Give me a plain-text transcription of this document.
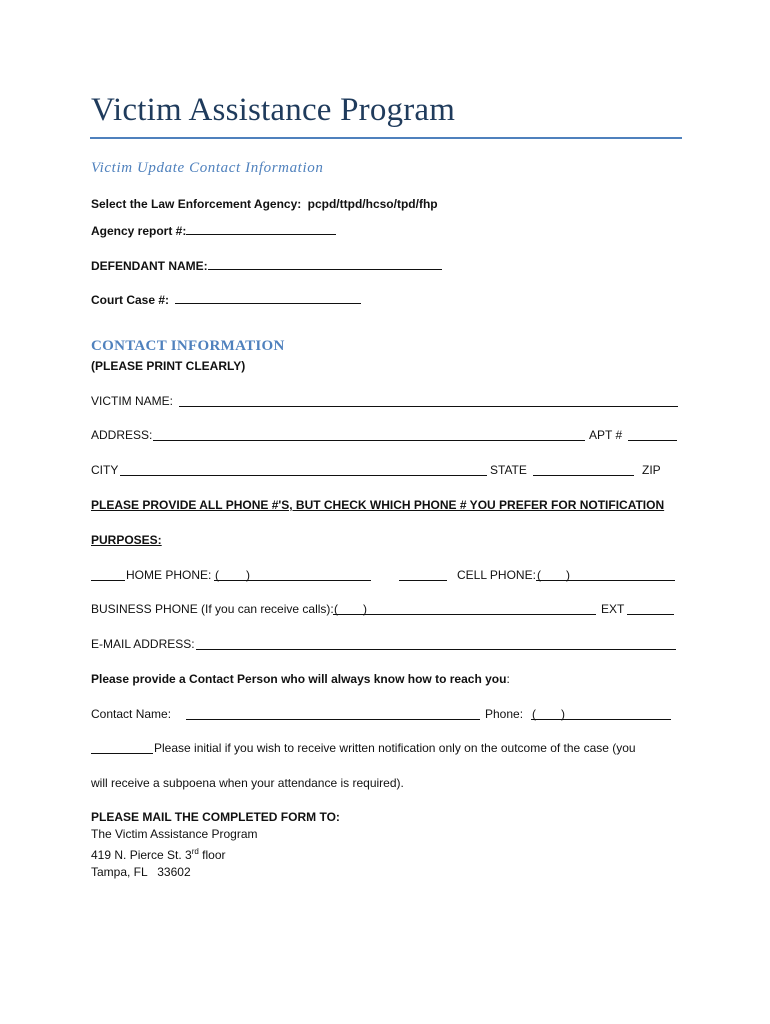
Victim Assistance Program
Victim Update Contact Information
Select the Law Enforcement Agency: pcpd/ttpd/hcso/tpd/fhp
Agency report #:
DEFENDANT NAME:
Court Case #:
CONTACT INFORMATION
(PLEASE PRINT CLEARLY)
VICTIM NAME:
ADDRESS:	APT #
CITY	STATE	ZIP
PLEASE PROVIDE ALL PHONE #'S, BUT CHECK WHICH PHONE # YOU PREFER FOR NOTIFICATION
PURPOSES:
HOME PHONE: ( )	CELL PHONE: ( )
BUSINESS PHONE (If you can receive calls): ( )	EXT
E-MAIL ADDRESS:
Please provide a Contact Person who will always know how to reach you:
Contact Name:	Phone: ( )
Please initial if you wish to receive written notification only on the outcome of the case (you
will receive a subpoena when your attendance is required).
PLEASE MAIL THE COMPLETED FORM TO:
The Victim Assistance Program
419 N. Pierce St. 3rd floor
Tampa, FL   33602
